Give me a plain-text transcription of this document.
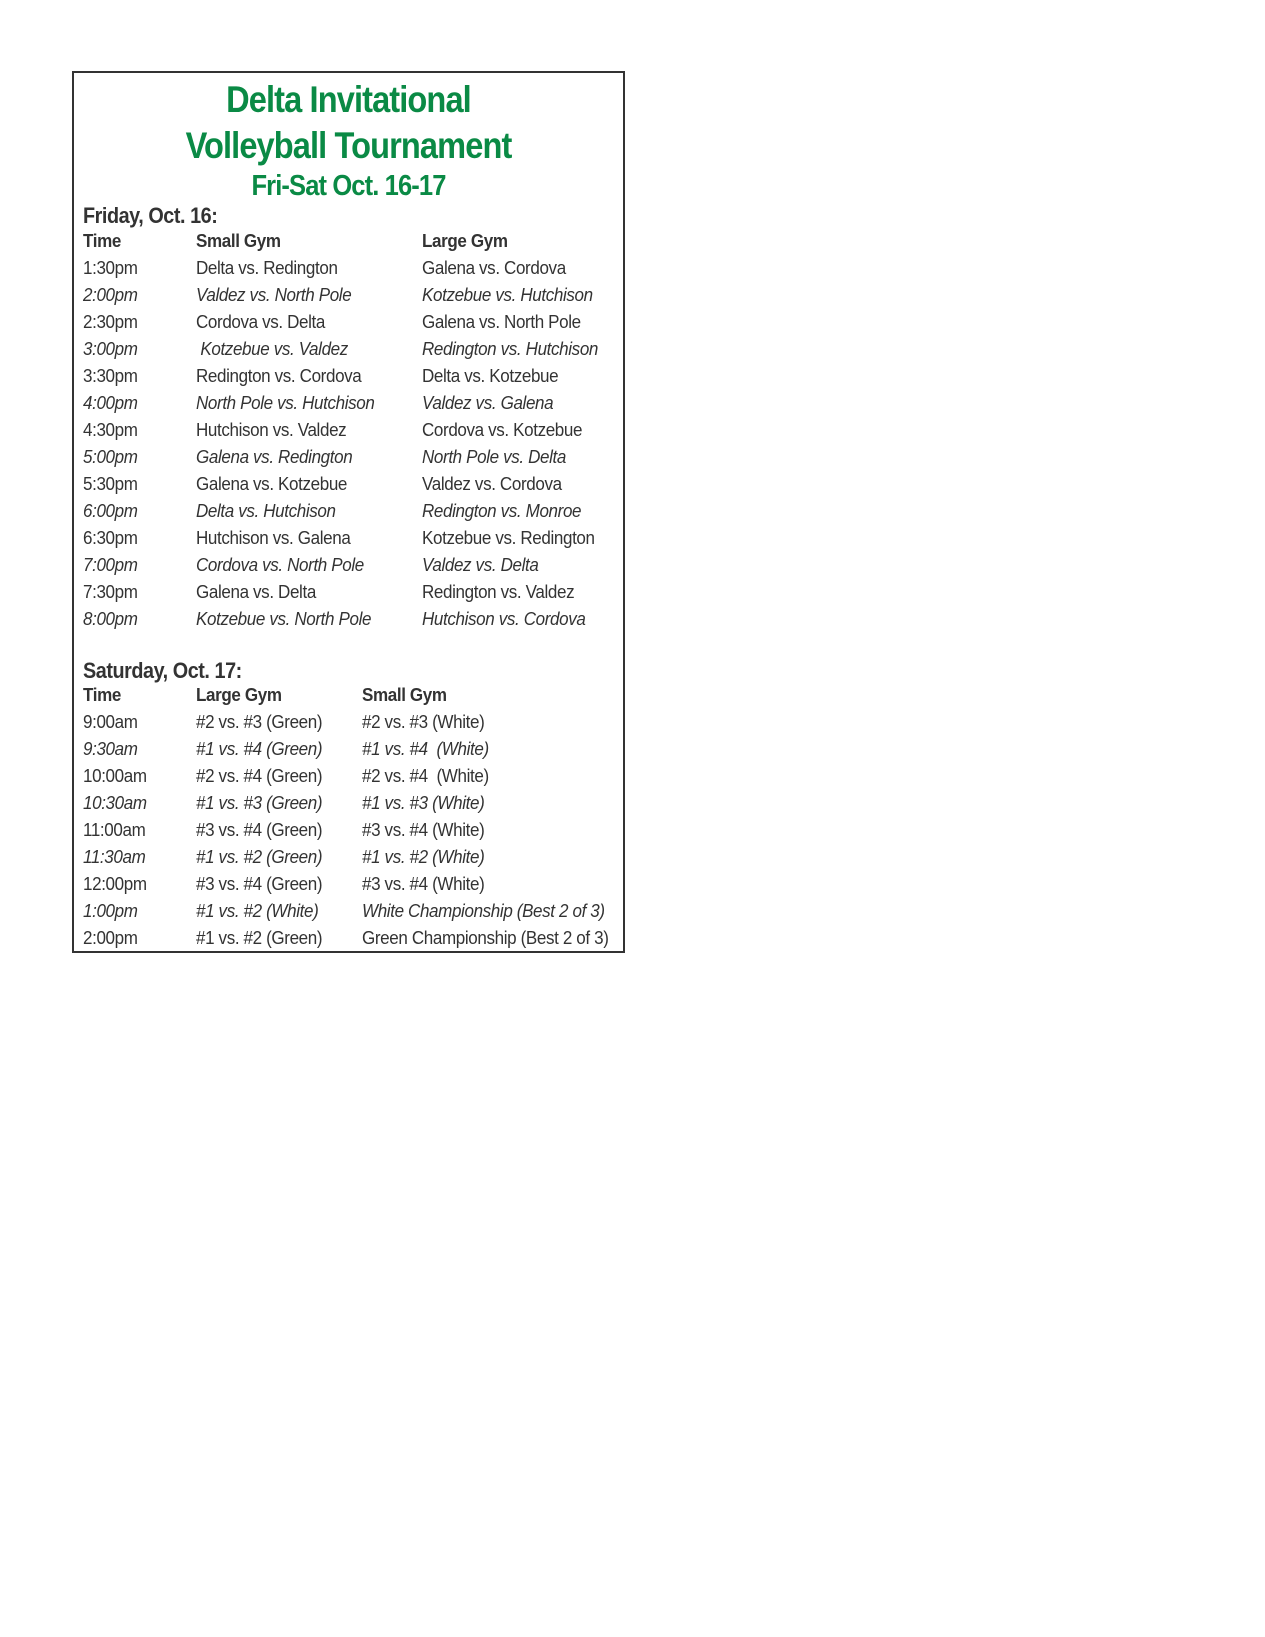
Delta Invitational
Volleyball Tournament
Fri-Sat Oct. 16-17
Friday, Oct. 16:
Time	Small Gym	Large Gym
1:30pm	Delta vs. Redington	Galena vs. Cordova
2:00pm	Valdez vs. North Pole	Kotzebue vs. Hutchison
2:30pm	Cordova vs. Delta	Galena vs. North Pole
3:00pm	Kotzebue vs. Valdez	Redington vs. Hutchison
3:30pm	Redington vs. Cordova	Delta vs. Kotzebue
4:00pm	North Pole vs. Hutchison	Valdez vs. Galena
4:30pm	Hutchison vs. Valdez	Cordova vs. Kotzebue
5:00pm	Galena vs. Redington	North Pole vs. Delta
5:30pm	Galena vs. Kotzebue	Valdez vs. Cordova
6:00pm	Delta vs. Hutchison	Redington vs. Monroe
6:30pm	Hutchison vs. Galena	Kotzebue vs. Redington
7:00pm	Cordova vs. North Pole	Valdez vs. Delta
7:30pm	Galena vs. Delta	Redington vs. Valdez
8:00pm	Kotzebue vs. North Pole	Hutchison vs. Cordova
Saturday, Oct. 17:
Time	Large Gym	Small Gym
9:00am	#2 vs. #3 (Green) #2 vs. #3 (White)
9:30am	#1 vs. #4 (Green) #1 vs. #4  (White)
10:00am	#2 vs. #4 (Green) #2 vs. #4  (White)
10:30am	#1 vs. #3 (Green) #1 vs. #3 (White)
11:00am	#3 vs. #4 (Green) #3 vs. #4 (White)
11:30am	#1 vs. #2 (Green) #1 vs. #2 (White)
12:00pm	#3 vs. #4 (Green) #3 vs. #4 (White)
1:00pm	#1 vs. #2 (White) White Championship (Best 2 of 3)
2:00pm	#1 vs. #2 (Green) Green Championship (Best 2 of 3)
